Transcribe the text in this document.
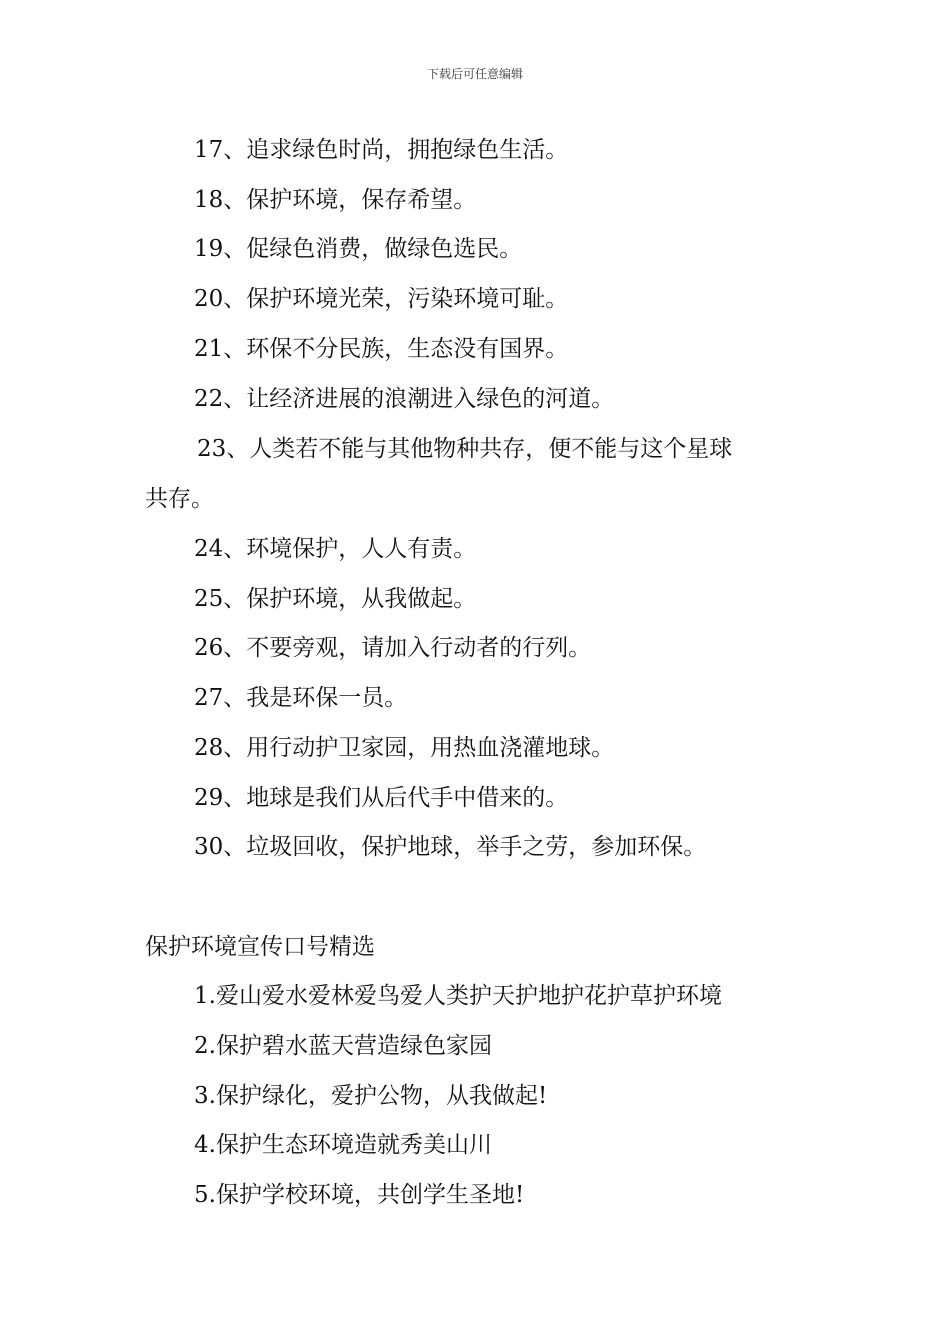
下载后可任意编辑
17、追求绿色时尚，拥抱绿色生活。
18、保护环境，保存希望。
19、促绿色消费，做绿色选民。
20、保护环境光荣，污染环境可耻。
21、环保不分民族，生态没有国界。
22、让经济进展的浪潮进入绿色的河道。
23、人类若不能与其他物种共存，便不能与这个星球
共存。
24、环境保护，人人有责。
25、保护环境，从我做起。
26、不要旁观，请加入行动者的行列。
27、我是环保一员。
28、用行动护卫家园，用热血浇灌地球。
29、地球是我们从后代手中借来的。
30、垃圾回收，保护地球，举手之劳，参加环保。
保护环境宣传口号精选
1.爱山爱水爱林爱鸟爱人类护天护地护花护草护环境
2.保护碧水蓝天营造绿色家园
3.保护绿化，爱护公物，从我做起!
4.保护生态环境造就秀美山川
5.保护学校环境，共创学生圣地!
